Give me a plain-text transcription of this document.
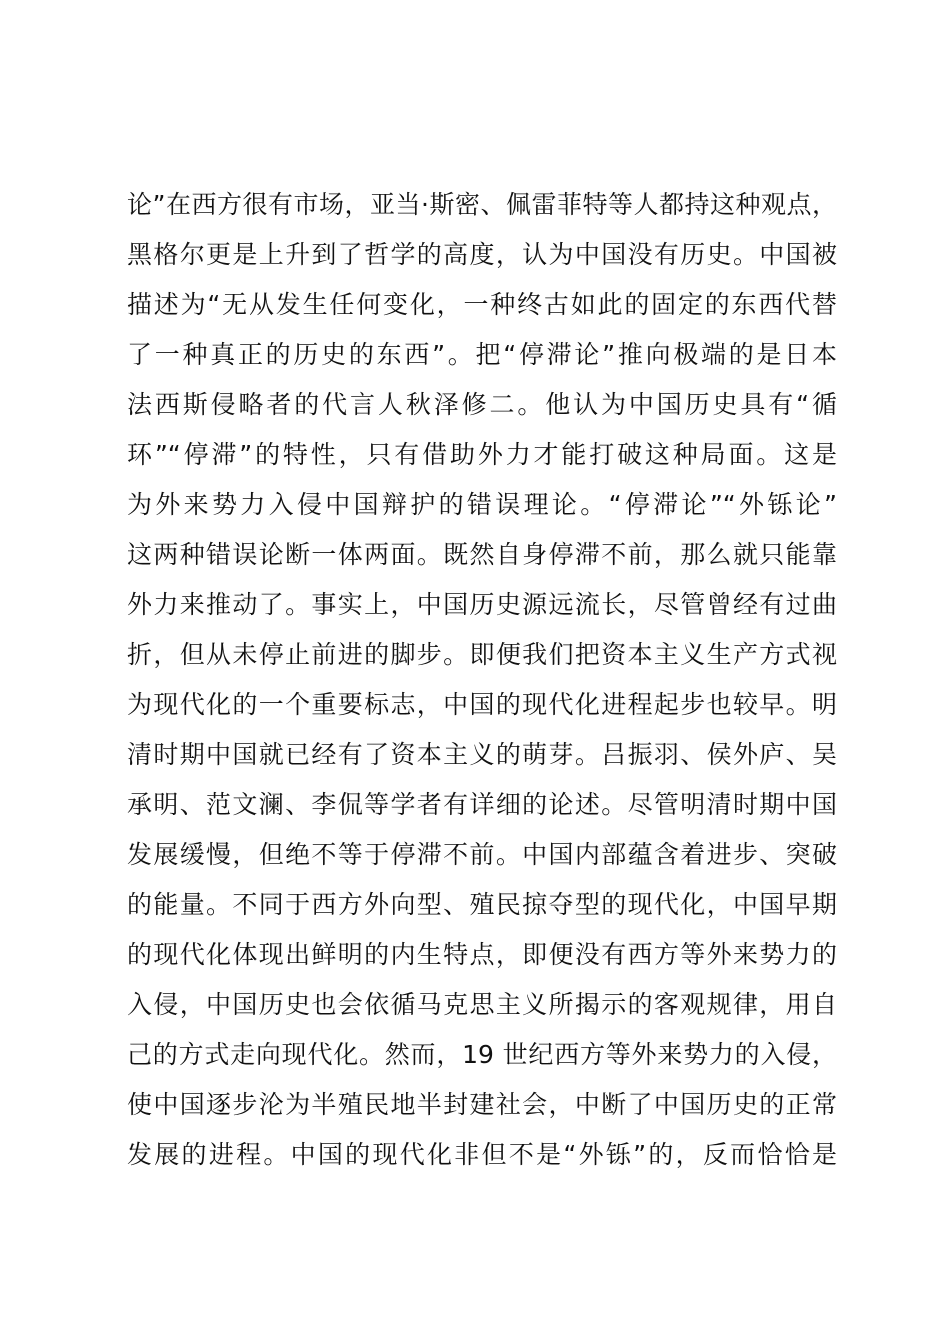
论”在西方很有市场，亚当·斯密、佩雷菲特等人都持这种观点，
黑格尔更是上升到了哲学的高度，认为中国没有历史。中国被
描述为“无从发生任何变化，一种终古如此的固定的东西代替
了一种真正的历史的东西”。把“停滞论”推向极端的是日本
法西斯侵略者的代言人秋泽修二。他认为中国历史具有“循
环”“停滞”的特性，只有借助外力才能打破这种局面。这是
为外来势力入侵中国辩护的错误理论。“停滞论”“外铄论”
这两种错误论断一体两面。既然自身停滞不前，那么就只能靠
外力来推动了。事实上，中国历史源远流长，尽管曾经有过曲
折，但从未停止前进的脚步。即便我们把资本主义生产方式视
为现代化的一个重要标志，中国的现代化进程起步也较早。明
清时期中国就已经有了资本主义的萌芽。吕振羽、侯外庐、吴
承明、范文澜、李侃等学者有详细的论述。尽管明清时期中国
发展缓慢，但绝不等于停滞不前。中国内部蕴含着进步、突破
的能量。不同于西方外向型、殖民掠夺型的现代化，中国早期
的现代化体现出鲜明的内生特点，即便没有西方等外来势力的
入侵，中国历史也会依循马克思主义所揭示的客观规律，用自
己的方式走向现代化。然而，19 世纪西方等外来势力的入侵，
使中国逐步沦为半殖民地半封建社会，中断了中国历史的正常
发展的进程。中国的现代化非但不是“外铄”的，反而恰恰是
